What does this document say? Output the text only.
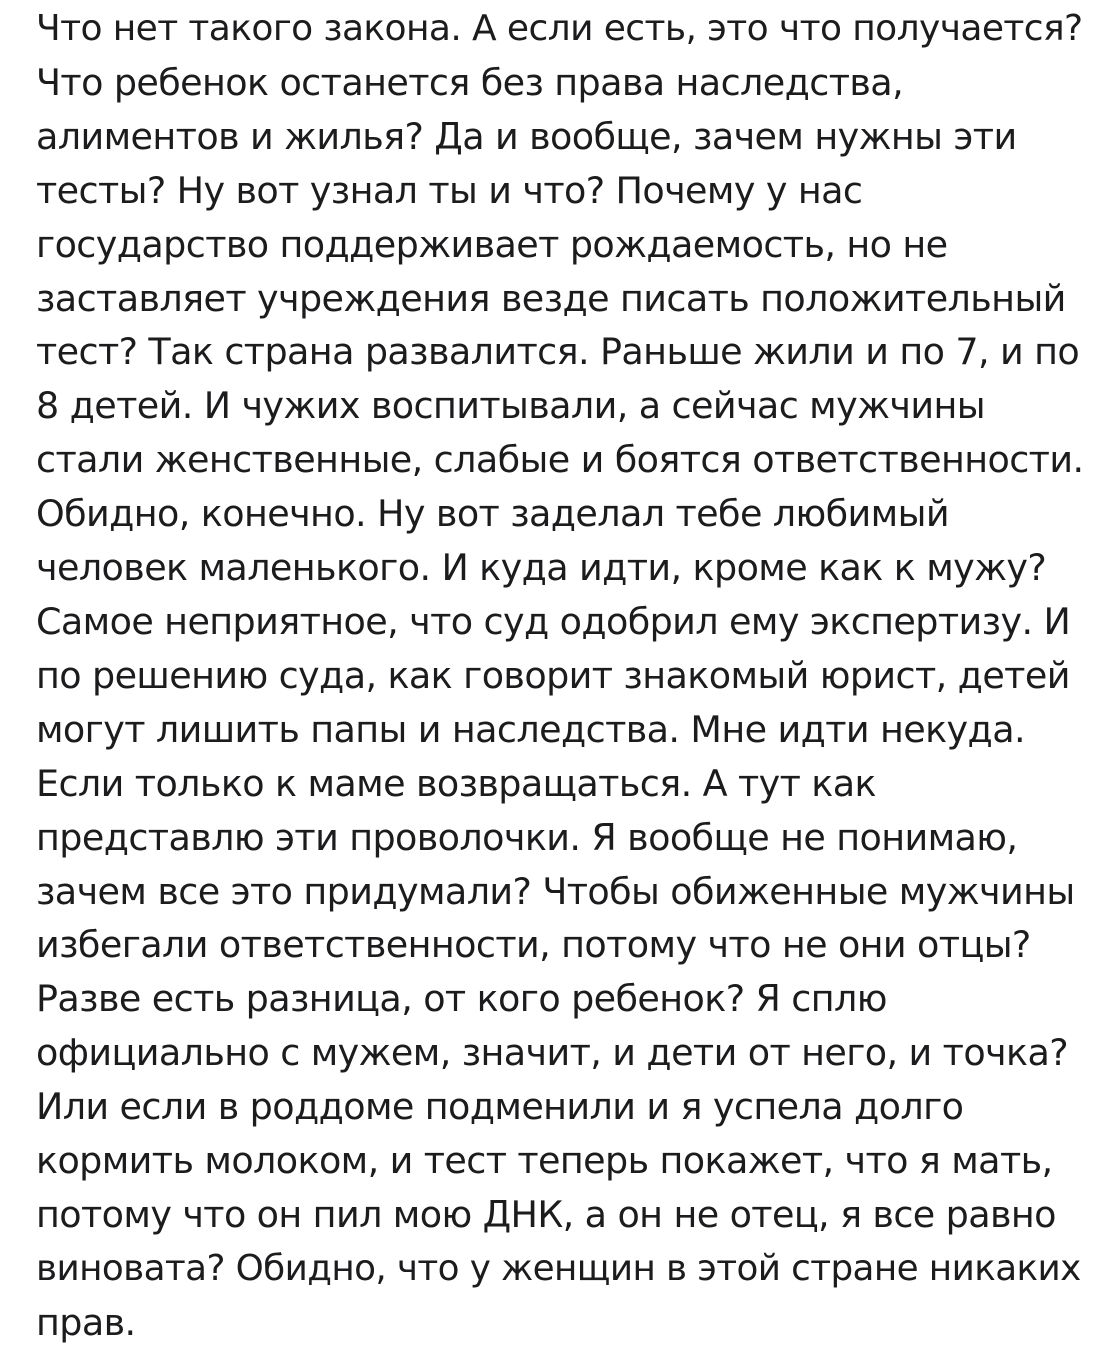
Что нет такого закона. А если есть, это что получается?
Что ребенок останется без права наследства,
алиментов и жилья? Да и вообще, зачем нужны эти
тесты? Ну вот узнал ты и что? Почему у нас
государство поддерживает рождаемость, но не
заставляет учреждения везде писать положительный
тест? Так страна развалится. Раньше жили и по 7, и по
8 детей. И чужих воспитывали, а сейчас мужчины
стали женственные, слабые и боятся ответственности.
Обидно, конечно. Ну вот заделал тебе любимый
человек маленького. И куда идти, кроме как к мужу?
Самое неприятное, что суд одобрил ему экспертизу. И
по решению суда, как говорит знакомый юрист, детей
могут лишить папы и наследства. Мне идти некуда.
Если только к маме возвращаться. А тут как
представлю эти проволочки. Я вообще не понимаю,
зачем все это придумали? Чтобы обиженные мужчины
избегали ответственности, потому что не они отцы?
Разве есть разница, от кого ребенок? Я сплю
официально с мужем, значит, и дети от него, и точка?
Или если в роддоме подменили и я успела долго
кормить молоком, и тест теперь покажет, что я мать,
потому что он пил мою ДНК, а он не отец, я все равно
виновата? Обидно, что у женщин в этой стране никаких
прав.
